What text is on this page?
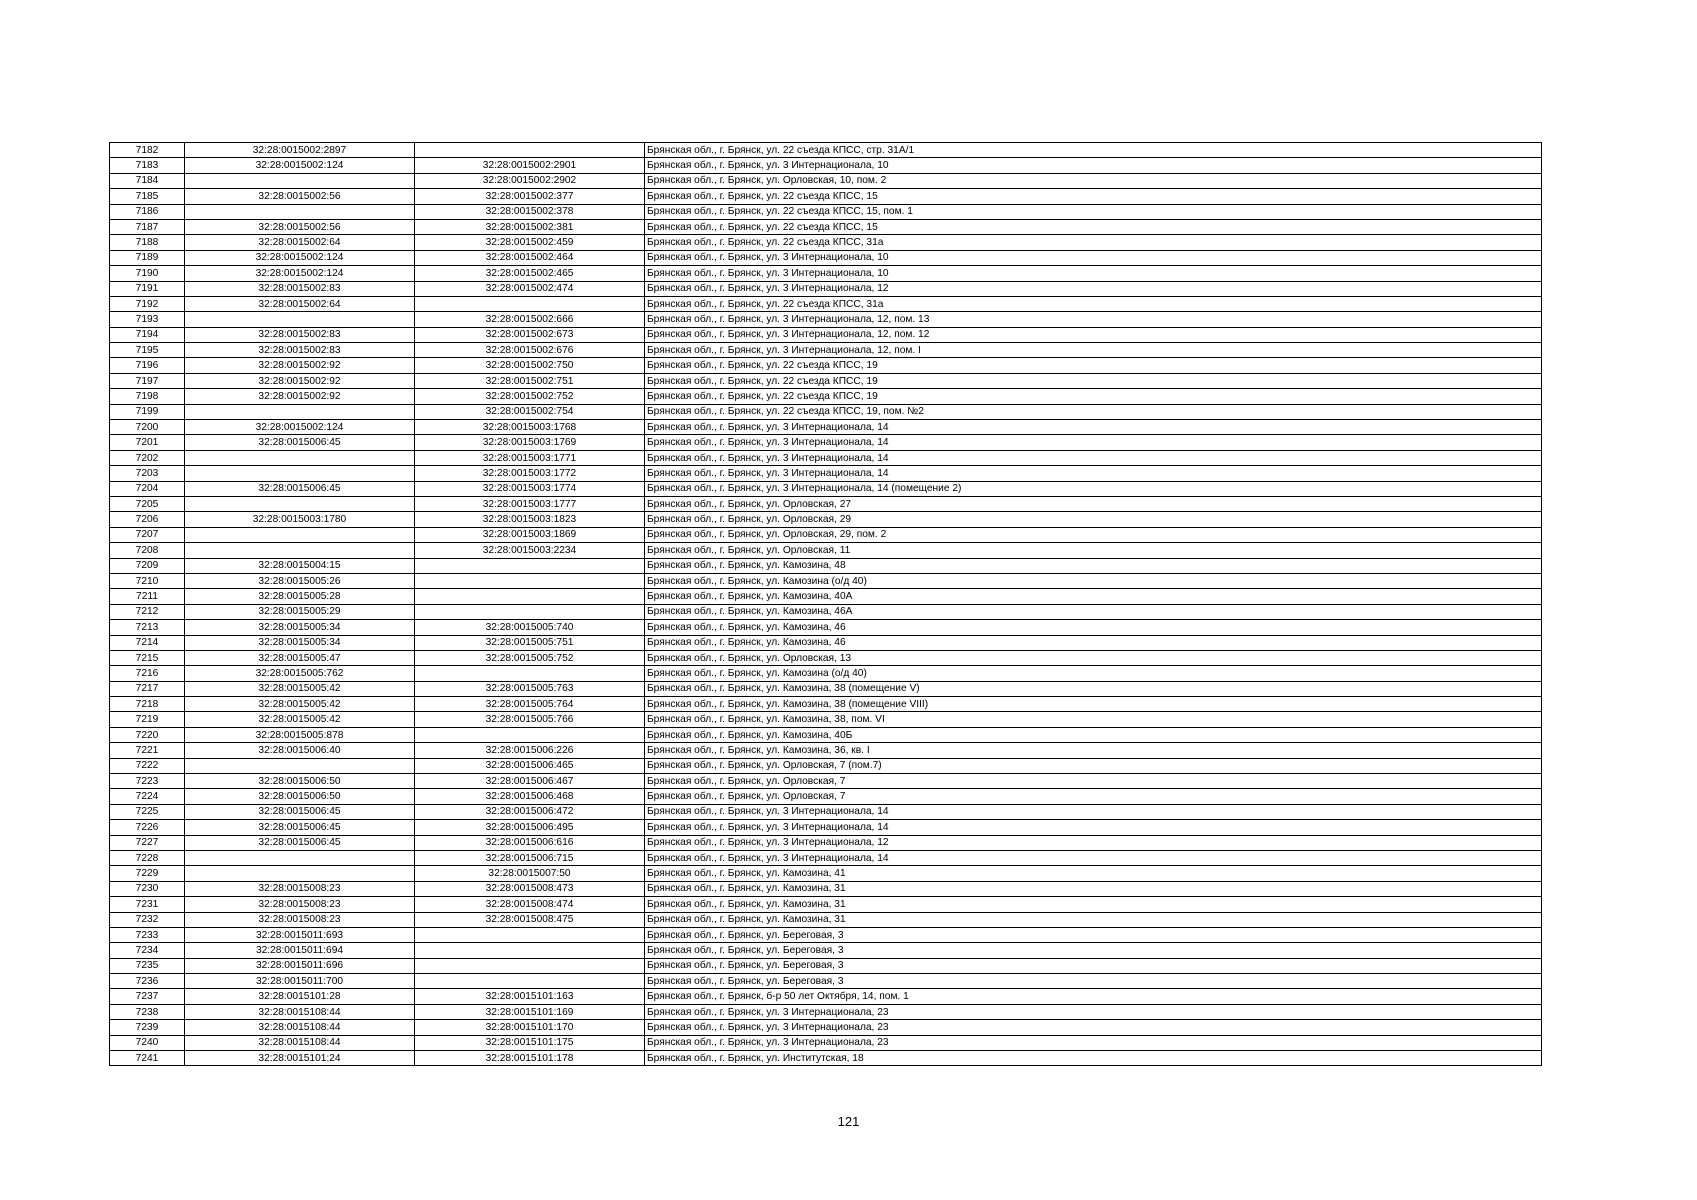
7182	32:28:0015002:2897		Брянская обл., г. Брянск, ул. 22 съезда КПСС, стр. 31А/1
7183	32:28:0015002:124	32:28:0015002:2901	Брянская обл., г. Брянск, ул. 3 Интернационала, 10
7184		32:28:0015002:2902	Брянская обл., г. Брянск, ул. Орловская, 10, пом. 2
7185	32:28:0015002:56	32:28:0015002:377	Брянская обл., г. Брянск, ул. 22 съезда КПСС, 15
7186		32:28:0015002:378	Брянская обл., г. Брянск, ул. 22 съезда КПСС, 15, пом. 1
7187	32:28:0015002:56	32:28:0015002:381	Брянская обл., г. Брянск, ул. 22 съезда КПСС, 15
7188	32:28:0015002:64	32:28:0015002:459	Брянская обл., г. Брянск, ул. 22 съезда КПСС, 31а
7189	32:28:0015002:124	32:28:0015002:464	Брянская обл., г. Брянск, ул. 3 Интернационала, 10
7190	32:28:0015002:124	32:28:0015002:465	Брянская обл., г. Брянск, ул. 3 Интернационала, 10
7191	32:28:0015002:83	32:28:0015002:474	Брянская обл., г. Брянск, ул. 3 Интернационала, 12
7192	32:28:0015002:64		Брянская обл., г. Брянск, ул. 22 съезда КПСС, 31а
7193		32:28:0015002:666	Брянская обл., г. Брянск, ул. 3 Интернационала, 12, пом. 13
7194	32:28:0015002:83	32:28:0015002:673	Брянская обл., г. Брянск, ул. 3 Интернационала, 12, пом. 12
7195	32:28:0015002:83	32:28:0015002:676	Брянская обл., г. Брянск, ул. 3 Интернационала, 12, пом. I
7196	32:28:0015002:92	32:28:0015002:750	Брянская обл., г. Брянск, ул. 22 съезда КПСС, 19
7197	32:28:0015002:92	32:28:0015002:751	Брянская обл., г. Брянск, ул. 22 съезда КПСС, 19
7198	32:28:0015002:92	32:28:0015002:752	Брянская обл., г. Брянск, ул. 22 съезда КПСС, 19
7199		32:28:0015002:754	Брянская обл., г. Брянск, ул. 22 съезда КПСС, 19, пом. №2
7200	32:28:0015002:124	32:28:0015003:1768	Брянская обл., г. Брянск, ул. 3 Интернационала, 14
7201	32:28:0015006:45	32:28:0015003:1769	Брянская обл., г. Брянск, ул. 3 Интернационала, 14
7202		32:28:0015003:1771	Брянская обл., г. Брянск, ул. 3 Интернационала, 14
7203		32:28:0015003:1772	Брянская обл., г. Брянск, ул. 3 Интернационала, 14
7204	32:28:0015006:45	32:28:0015003:1774	Брянская обл., г. Брянск, ул. 3 Интернационала, 14 (помещение 2)
7205		32:28:0015003:1777	Брянская обл., г. Брянск, ул. Орловская, 27
7206	32:28:0015003:1780	32:28:0015003:1823	Брянская обл., г. Брянск, ул. Орловская, 29
7207		32:28:0015003:1869	Брянская обл., г. Брянск, ул. Орловская, 29, пом. 2
7208		32:28:0015003:2234	Брянская обл., г. Брянск, ул. Орловская, 11
7209	32:28:0015004:15		Брянская обл., г. Брянск, ул. Камозина, 48
7210	32:28:0015005:26		Брянская обл., г. Брянск, ул. Камозина (о/д 40)
7211	32:28:0015005:28		Брянская обл., г. Брянск, ул. Камозина, 40А
7212	32:28:0015005:29		Брянская обл., г. Брянск, ул. Камозина, 46А
7213	32:28:0015005:34	32:28:0015005:740	Брянская обл., г. Брянск, ул. Камозина, 46
7214	32:28:0015005:34	32:28:0015005:751	Брянская обл., г. Брянск, ул. Камозина, 46
7215	32:28:0015005:47	32:28:0015005:752	Брянская обл., г. Брянск, ул. Орловская, 13
7216	32:28:0015005:762		Брянская обл., г. Брянск, ул. Камозина (о/д 40)
7217	32:28:0015005:42	32:28:0015005:763	Брянская обл., г. Брянск, ул. Камозина, 38 (помещение V)
7218	32:28:0015005:42	32:28:0015005:764	Брянская обл., г. Брянск, ул. Камозина, 38 (помещение VIII)
7219	32:28:0015005:42	32:28:0015005:766	Брянская обл., г. Брянск, ул. Камозина, 38, пом. VI
7220	32:28:0015005:878		Брянская обл., г. Брянск, ул. Камозина, 40Б
7221	32:28:0015006:40	32:28:0015006:226	Брянская обл., г. Брянск, ул. Камозина, 36, кв. I
7222		32:28:0015006:465	Брянская обл., г. Брянск, ул. Орловская, 7 (пом.7)
7223	32:28:0015006:50	32:28:0015006:467	Брянская обл., г. Брянск, ул. Орловская, 7
7224	32:28:0015006:50	32:28:0015006:468	Брянская обл., г. Брянск, ул. Орловская, 7
7225	32:28:0015006:45	32:28:0015006:472	Брянская обл., г. Брянск, ул. 3 Интернационала, 14
7226	32:28:0015006:45	32:28:0015006:495	Брянская обл., г. Брянск, ул. 3 Интернационала, 14
7227	32:28:0015006:45	32:28:0015006:616	Брянская обл., г. Брянск, ул. 3 Интернационала, 12
7228		32:28:0015006:715	Брянская обл., г. Брянск, ул. 3 Интернационала, 14
7229		32:28:0015007:50	Брянская обл., г. Брянск, ул. Камозина, 41
7230	32:28:0015008:23	32:28:0015008:473	Брянская обл., г. Брянск, ул. Камозина, 31
7231	32:28:0015008:23	32:28:0015008:474	Брянская обл., г. Брянск, ул. Камозина, 31
7232	32:28:0015008:23	32:28:0015008:475	Брянская обл., г. Брянск, ул. Камозина, 31
7233	32:28:0015011:693		Брянская обл., г. Брянск, ул. Береговая, 3
7234	32:28:0015011:694		Брянская обл., г. Брянск, ул. Береговая, 3
7235	32:28:0015011:696		Брянская обл., г. Брянск, ул. Береговая, 3
7236	32:28:0015011:700		Брянская обл., г. Брянск, ул. Береговая, 3
7237	32:28:0015101:28	32:28:0015101:163	Брянская обл., г. Брянск, б-р 50 лет Октября, 14, пом. 1
7238	32:28:0015108:44	32:28:0015101:169	Брянская обл., г. Брянск, ул. 3 Интернационала, 23
7239	32:28:0015108:44	32:28:0015101:170	Брянская обл., г. Брянск, ул. 3 Интернационала, 23
7240	32:28:0015108:44	32:28:0015101:175	Брянская обл., г. Брянск, ул. 3 Интернационала, 23
7241	32:28:0015101:24	32:28:0015101:178	Брянская обл., г. Брянск, ул. Институтская, 18
121
